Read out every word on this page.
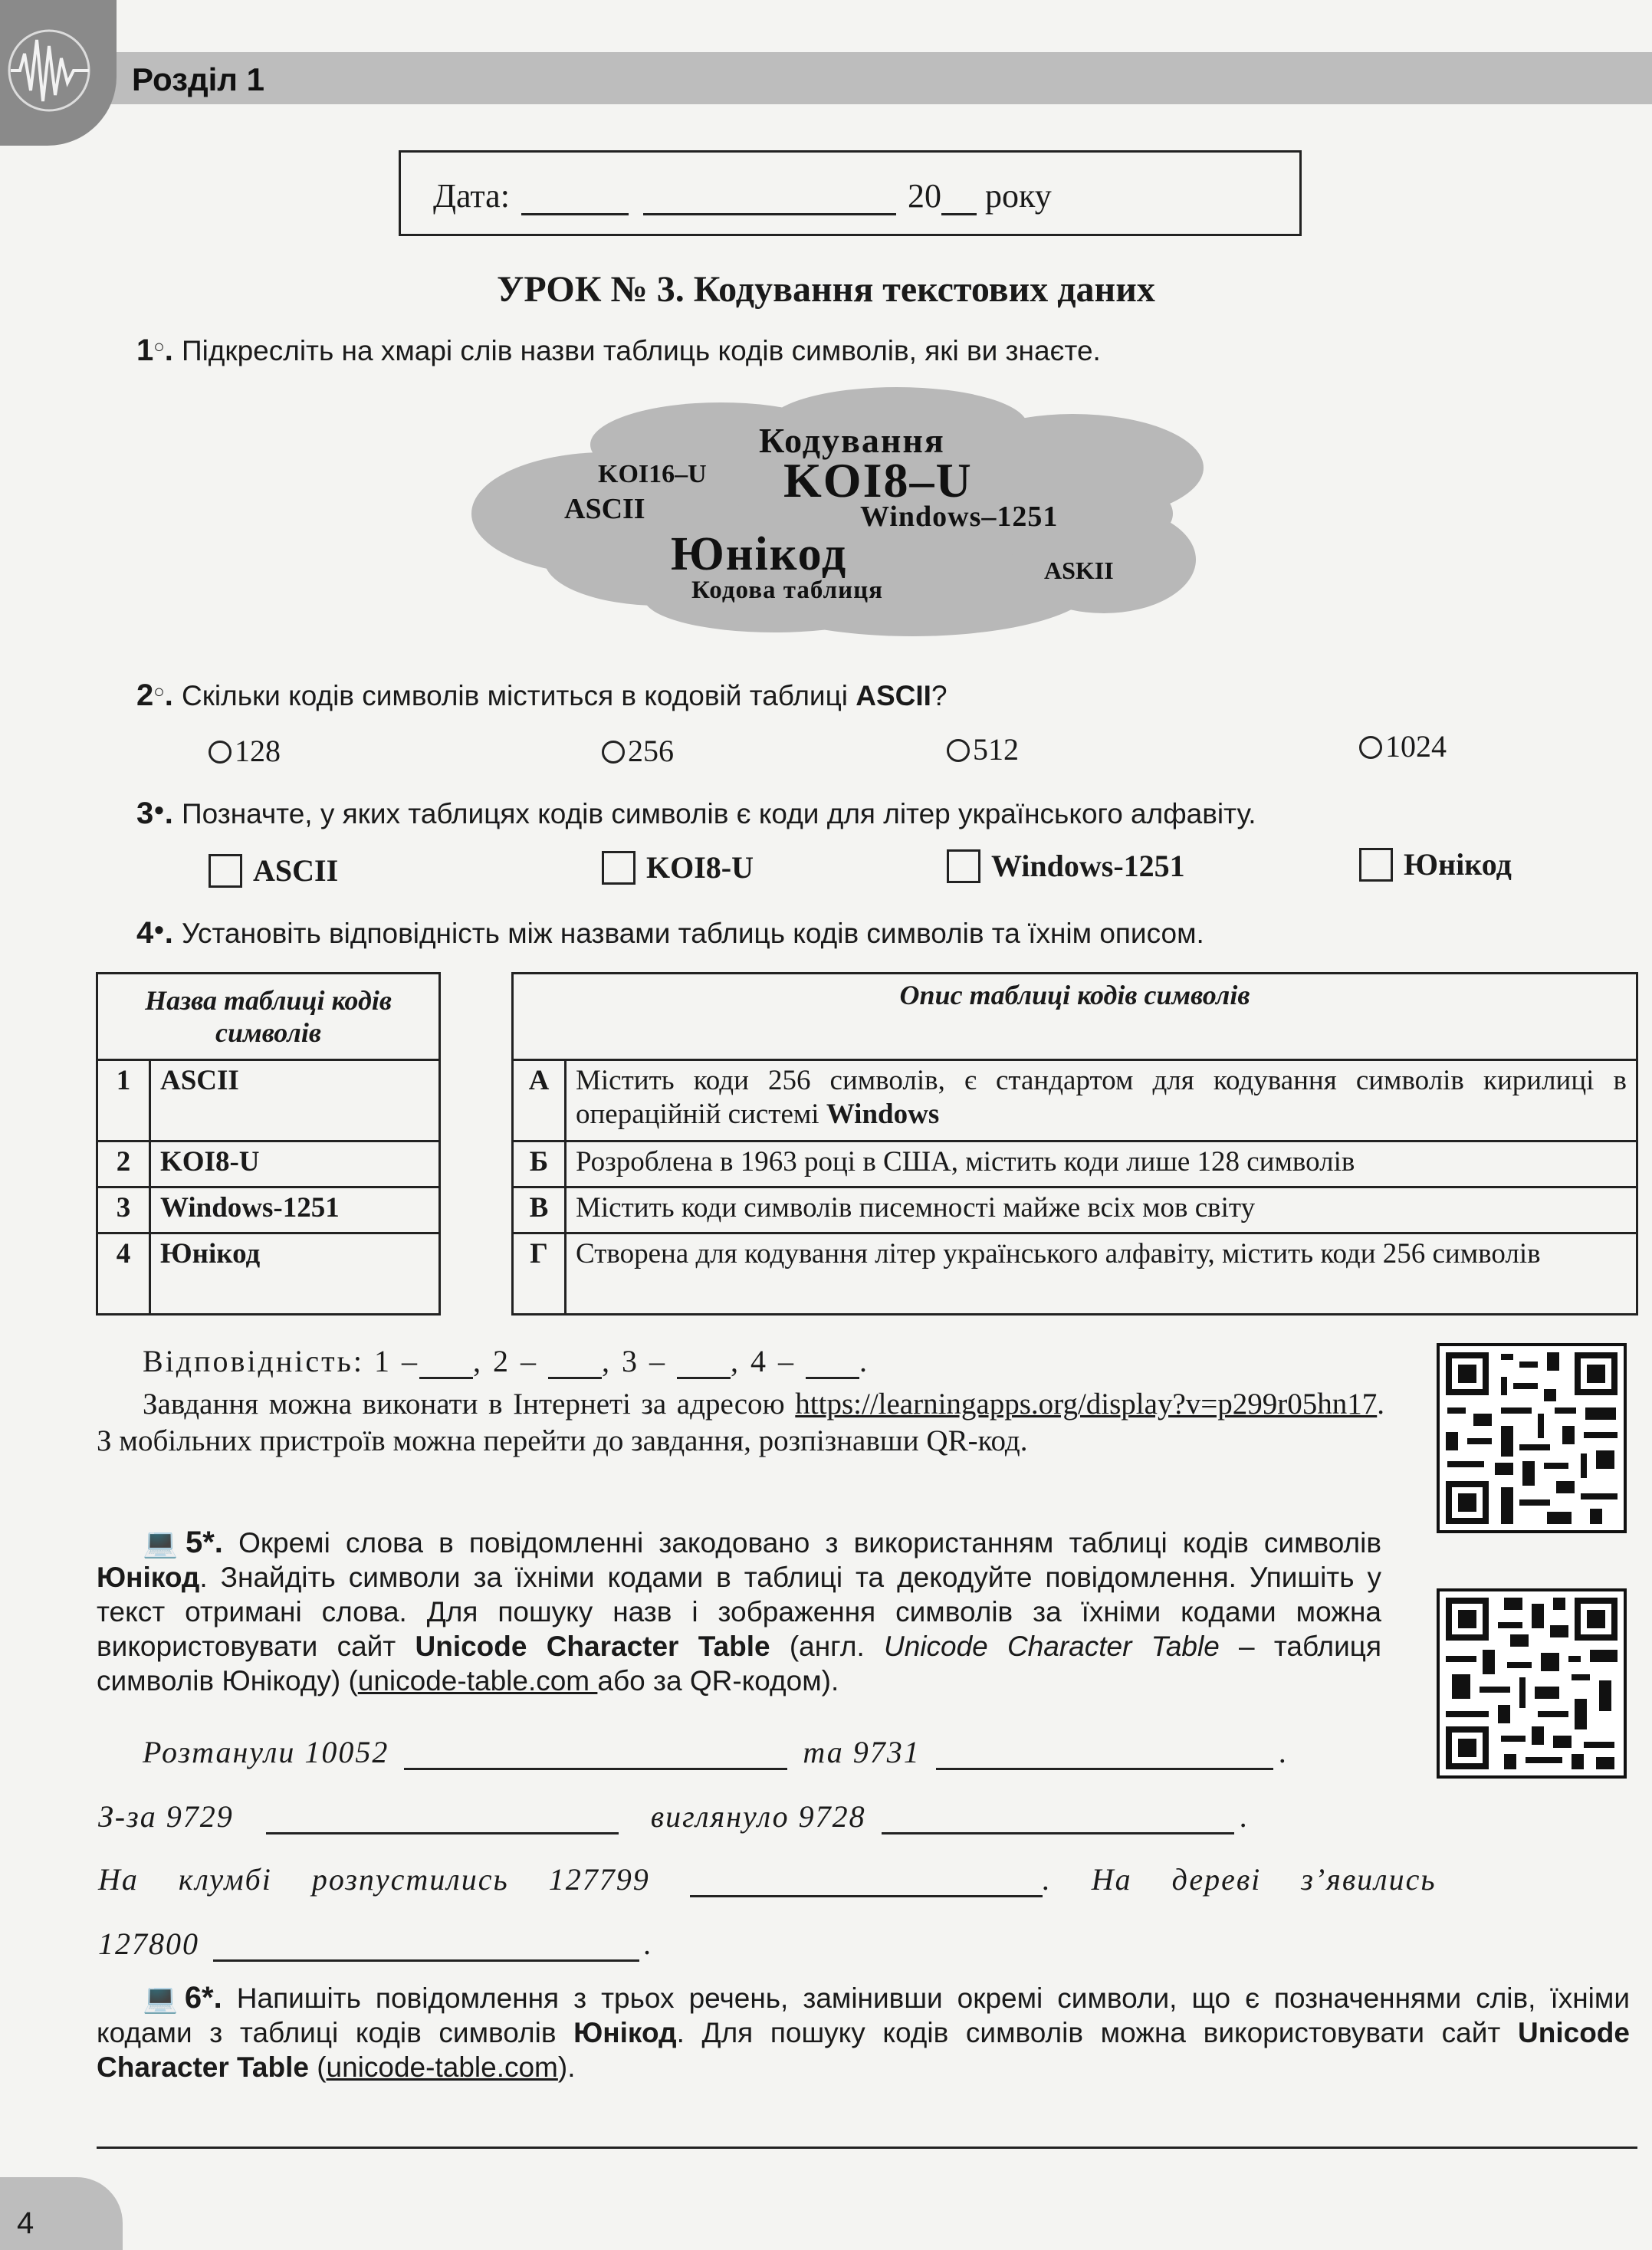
Розділ 1
Дата:	20 року
УРОК № 3. Кодування текстових даних
1○. Підкресліть на хмарі слів назви таблиць кодів символів, які ви знаєте.
Кодування
KOI16–U KOI8–U
ASCII	Windows–1251
Юнікод	ASKII
Кодова таблиця
2○. Скільки кодів символів міститься в кодовій таблиці ASCII?
128	256	512	1024
3●. Позначте, у яких таблицях кодів символів є коди для літер українського алфавіту.
ASCII	KOI8-U	Windows-1251	Юнікод
4●. Установіть відповідність між назвами таблиць кодів символів та їхнім описом.
Назва таблиці кодів символів	
1	ASCII
2	KOI8-U
3	Windows-1251
4	Юнікод
Опис таблиці кодів символів	
А	Містить коди 256 символів, є стандартом для кодування символів кирилиці в операційній системі Windows
Б	Розроблена в 1963 році в США, містить коди лише 128 символів
В	Містить коди символів писемності майже всіх мов світу
Г	Створена для кодування літер українського алфавіту, містить коди 256 символів
Відповідність: 1 – , 2 – , 3 – , 4 – .
Завдання можна виконати в Інтернеті за адресою https://learningapps.org/display?v=p299r05hn17. З мобільних пристроїв можна перейти до завдання, розпізнавши QR-код.
💻5*. Окремі слова в повідомленні закодовано з використанням таблиці кодів символів Юнікод. Знайдіть символи за їхніми кодами в таблиці та декодуйте повідомлення. Упишіть у текст отримані слова. Для пошуку назв і зображення символів за їхніми кодами можна використовувати сайт Unicode Character Table (англ. Unicode Character Table – таблиця символів Юнікоду) (unicode-table.com або за QR-кодом).
Розтанули 10052	та 9731	.
З-за 9729	виглянуло 9728	.
На клумбі розпустились 127799	. На дереві з’явились
127800	.
💻6*. Напишіть повідомлення з трьох речень, замінивши окремі символи, що є позначеннями слів, їхніми кодами з таблиці кодів символів Юнікод. Для пошуку кодів символів можна використовувати сайт Unicode Character Table (unicode-table.com).
4
